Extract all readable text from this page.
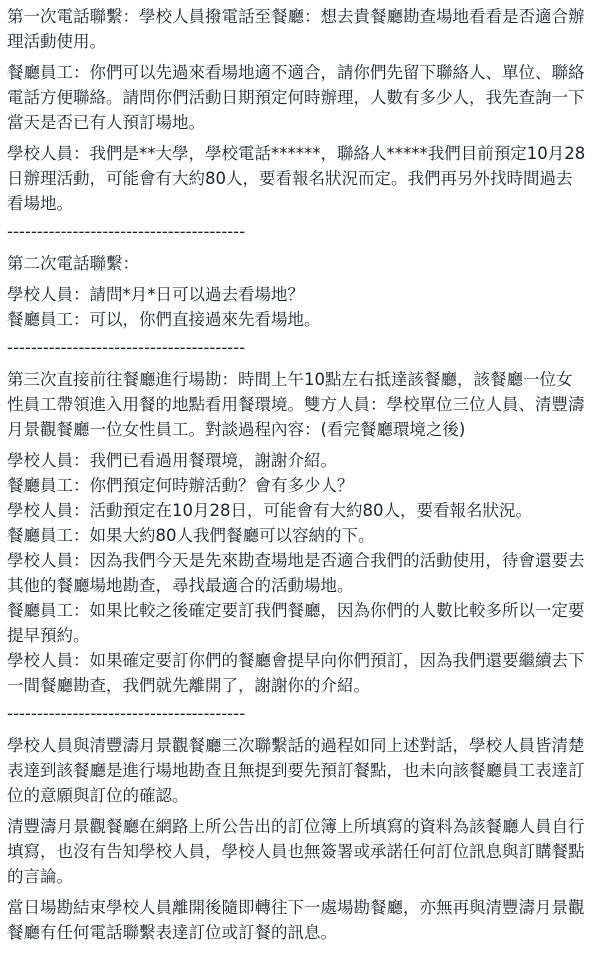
第一次電話聯繫：學校人員撥電話至餐廳：想去貴餐廳勘查場地看看是否適合辦理活動使用。
餐廳員工：你們可以先過來看場地適不適合，請你們先留下聯絡人、單位、聯絡電話方便聯絡。請問你們活動日期預定何時辦理，人數有多少人，我先查詢一下當天是否已有人預訂場地。
學校人員：我們是**大學，學校電話******，聯絡人*****我們目前預定10月28日辦理活動，可能會有大約80人，要看報名狀況而定。我們再另外找時間過去看場地。
----------------------------------------
第二次電話聯繫：
學校人員：請問*月*日可以過去看場地？
餐廳員工：可以，你們直接過來先看場地。
----------------------------------------
第三次直接前往餐廳進行場勘：時間上午10點左右抵達該餐廳，該餐廳一位女性員工帶領進入用餐的地點看用餐環境。雙方人員：學校單位三位人員、清豐濤月景觀餐廳一位女性員工。對談過程內容：(看完餐廳環境之後)
學校人員：我們已看過用餐環境，謝謝介紹。
餐廳員工：你們預定何時辦活動？會有多少人？
學校人員：活動預定在10月28日，可能會有大約80人，要看報名狀況。
餐廳員工：如果大約80人我們餐廳可以容納的下。
學校人員：因為我們今天是先來勘查場地是否適合我們的活動使用，待會還要去其他的餐廳場地勘查，尋找最適合的活動場地。
餐廳員工：如果比較之後確定要訂我們餐廳，因為你們的人數比較多所以一定要提早預約。
學校人員：如果確定要訂你們的餐廳會提早向你們預訂，因為我們還要繼續去下一間餐廳勘查，我們就先離開了，謝謝你的介紹。
----------------------------------------
學校人員與清豐濤月景觀餐廳三次聯繫話的過程如同上述對話，學校人員皆清楚表達到該餐廳是進行場地勘查且無提到要先預訂餐點，也未向該餐廳員工表達訂位的意願與訂位的確認。
清豐濤月景觀餐廳在網路上所公告出的訂位簿上所填寫的資料為該餐廳人員自行填寫，也沒有告知學校人員，學校人員也無簽署或承諾任何訂位訊息與訂購餐點的言論。
當日場勘結束學校人員離開後隨即轉往下一處場勘餐廳，亦無再與清豐濤月景觀餐廳有任何電話聯繫表達訂位或訂餐的訊息。
